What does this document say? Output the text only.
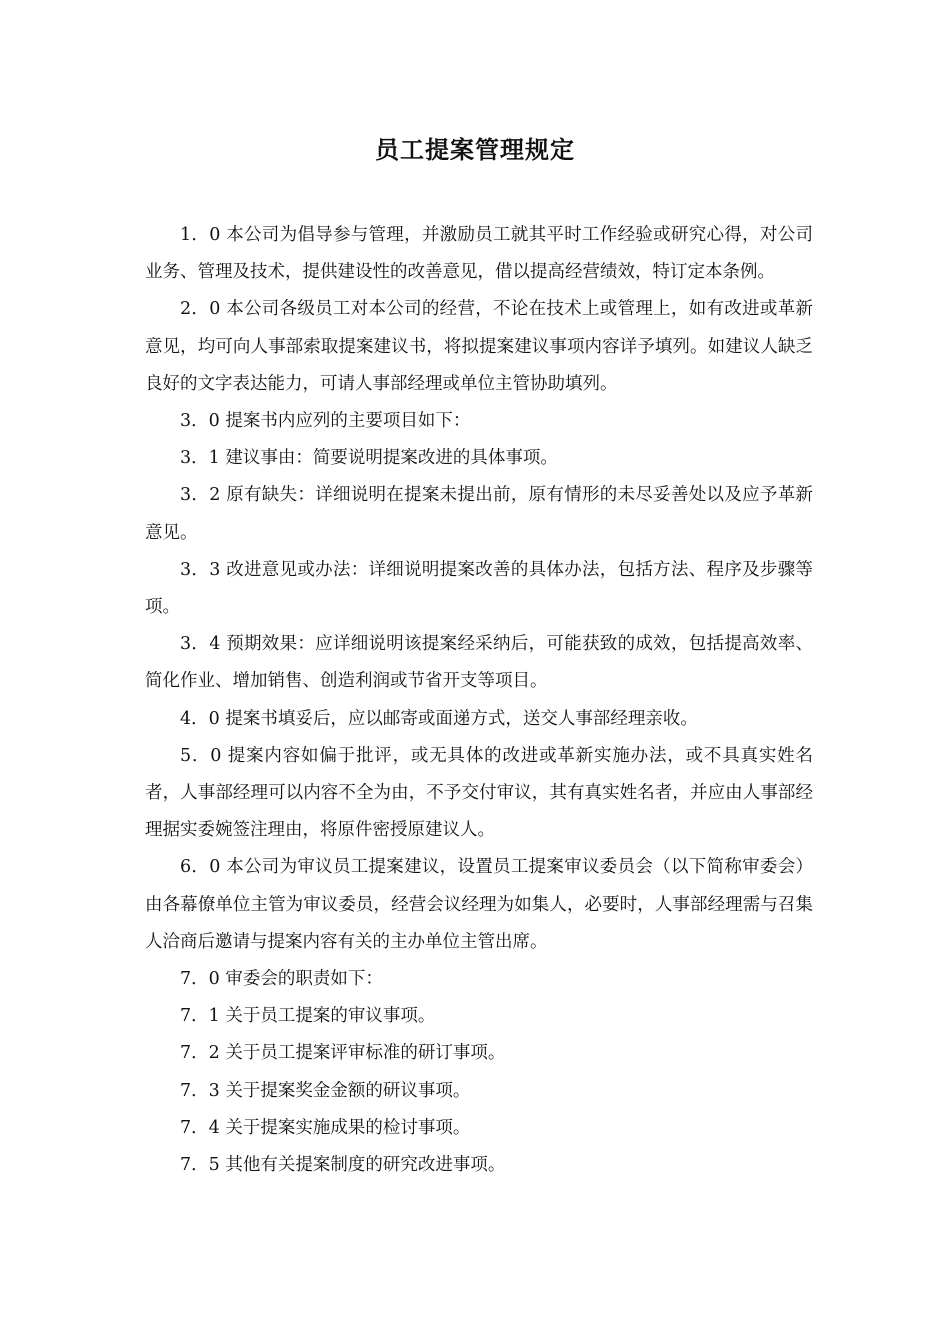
员工提案管理规定

1．0 本公司为倡导参与管理，并激励员工就其平时工作经验或研究心得，对公司业务、管理及技术，提供建设性的改善意见，借以提高经营绩效，特订定本条例。

2．0 本公司各级员工对本公司的经营，不论在技术上或管理上，如有改进或革新意见，均可向人事部索取提案建议书，将拟提案建议事项内容详予填列。如建议人缺乏良好的文字表达能力，可请人事部经理或单位主管协助填列。

3．0 提案书内应列的主要项目如下：

3．1 建议事由：简要说明提案改进的具体事项。

3．2 原有缺失：详细说明在提案未提出前，原有情形的未尽妥善处以及应予革新意见。

3．3 改进意见或办法：详细说明提案改善的具体办法，包括方法、程序及步骤等项。

3．4 预期效果：应详细说明该提案经采纳后，可能获致的成效，包括提高效率、简化作业、增加销售、创造利润或节省开支等项目。

4．0 提案书填妥后，应以邮寄或面递方式，送交人事部经理亲收。

5．0 提案内容如偏于批评，或无具体的改进或革新实施办法，或不具真实姓名者，人事部经理可以内容不全为由，不予交付审议，其有真实姓名者，并应由人事部经理据实委婉签注理由，将原件密授原建议人。

6．0 本公司为审议员工提案建议，设置员工提案审议委员会（以下简称审委会）由各幕僚单位主管为审议委员，经营会议经理为如集人，必要时，人事部经理需与召集人洽商后邀请与提案内容有关的主办单位主管出席。

7．0 审委会的职责如下：

7．1 关于员工提案的审议事项。

7．2 关于员工提案评审标准的研订事项。

7．3 关于提案奖金金额的研议事项。

7．4 关于提案实施成果的检讨事项。

7．5 其他有关提案制度的研究改进事项。
